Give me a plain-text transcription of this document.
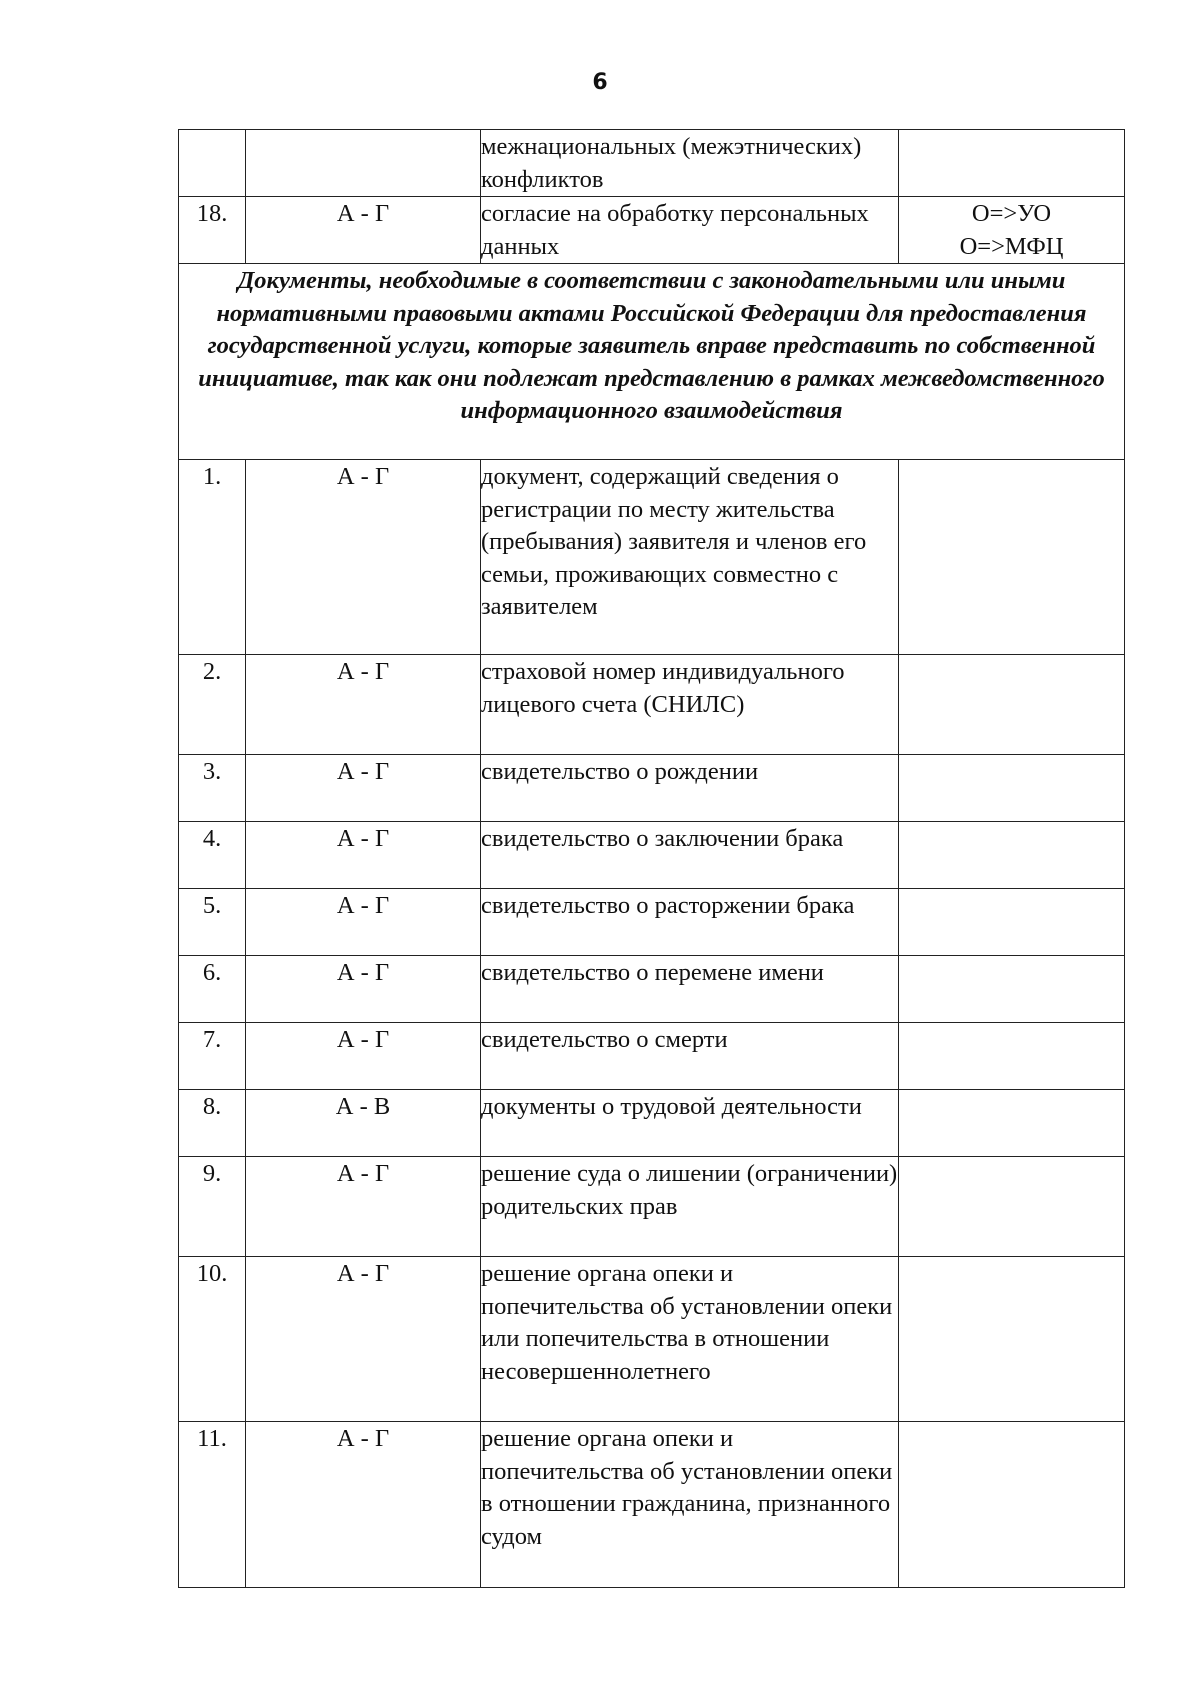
6
		межнациональных (межэтнических) конфликтов	
18.	А - Г	согласие на обработку персональных данных	О=>УО
О=>МФЦ

Документы, необходимые в соответствии с законодательными или иными нормативными правовыми актами Российской Федерации для предоставления государственной услуги, которые заявитель вправе представить по собственной инициативе, так как они подлежат представлению в рамках межведомственного информационного взаимодействия			
1.	А - Г	документ, содержащий сведения о регистрации по месту жительства (пребывания) заявителя и членов его семьи, проживающих совместно с заявителем	
2.	А - Г	страховой номер индивидуального лицевого счета (СНИЛС)	
3.	А - Г	свидетельство о рождении	
4.	А - Г	свидетельство о заключении брака	
5.	А - Г	свидетельство о расторжении брака	
6.	А - Г	свидетельство о перемене имени	
7.	А - Г	свидетельство о смерти	
8.	А - В	документы о трудовой деятельности	
9.	А - Г	решение суда о лишении (ограничении) родительских прав	
10.	А - Г	решение органа опеки и попечительства об установлении опеки или попечительства в отношении несовершеннолетнего	
11.	А - Г	решение органа опеки и попечительства об установлении опеки в отношении гражданина, признанного судом	
